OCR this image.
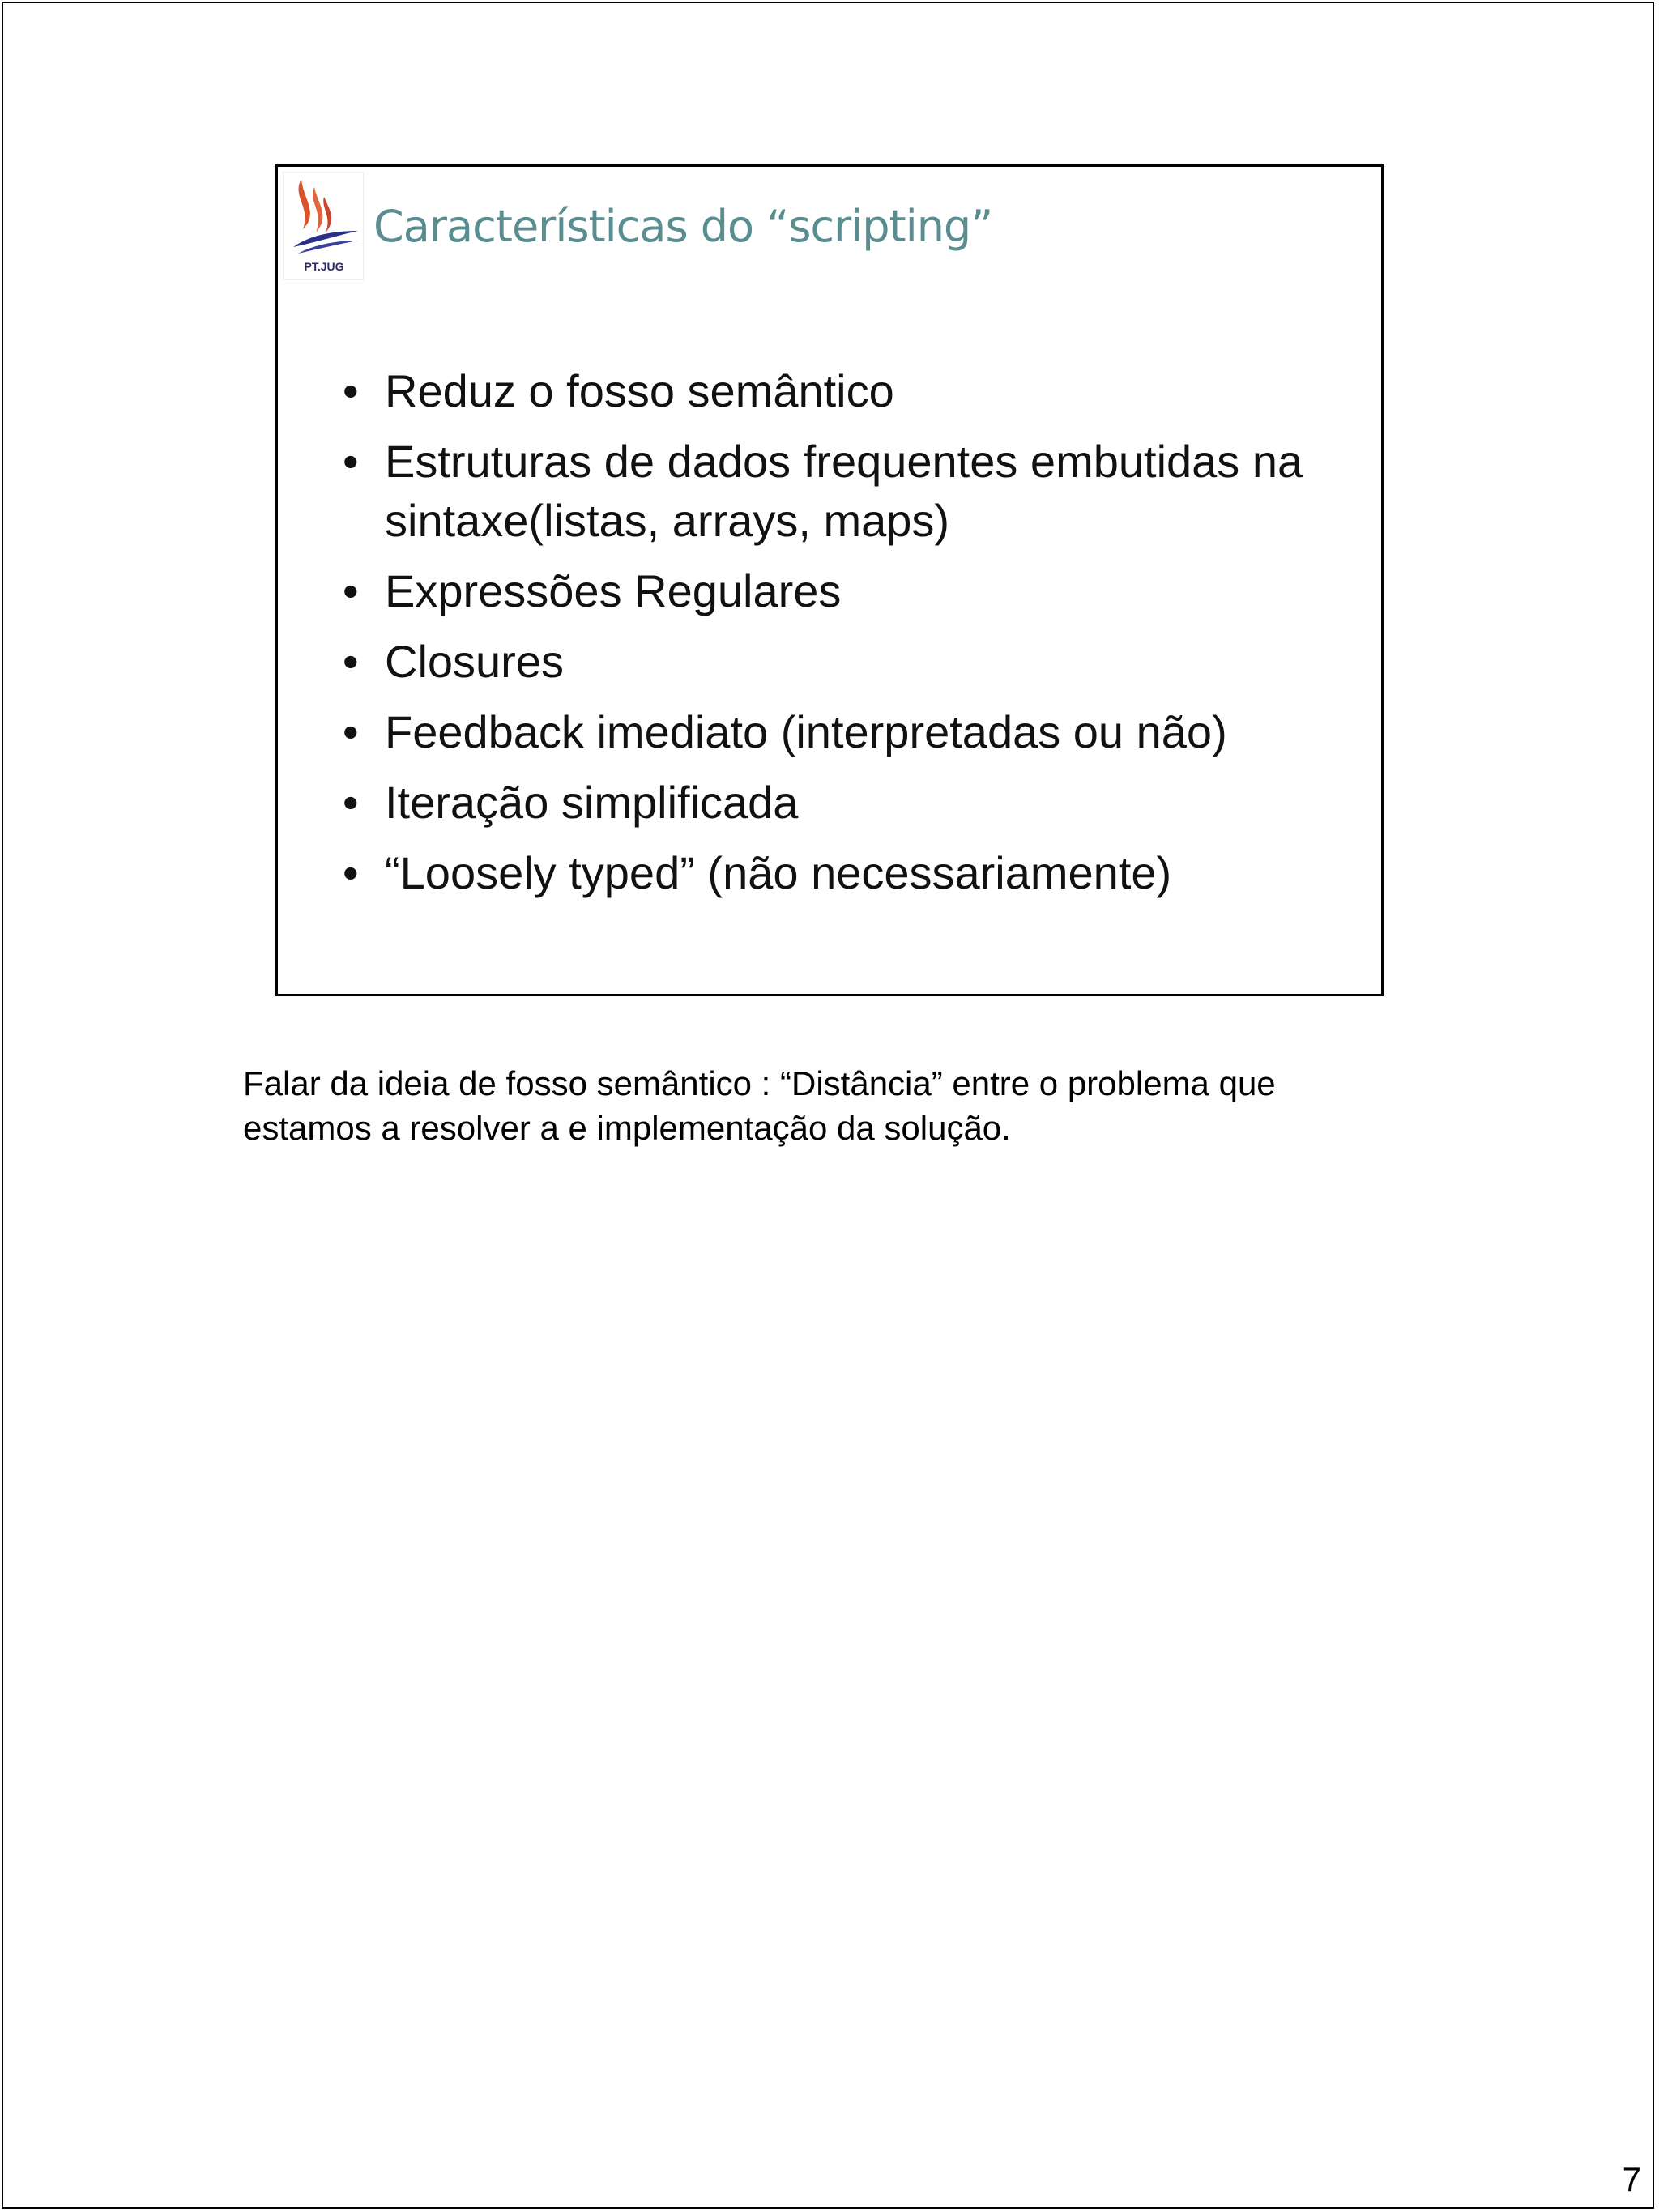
PT.JUG
Características do “scripting”
• Reduz o fosso semântico
• Estruturas de dados frequentes embutidas na sintaxe(listas, arrays, maps)
• Expressões Regulares
• Closures
• Feedback imediato (interpretadas ou não)
• Iteração simplificada
• “Loosely typed” (não necessariamente)

Falar da ideia de fosso semântico : “Distância” entre o problema que estamos a resolver a e implementação da solução.

7
